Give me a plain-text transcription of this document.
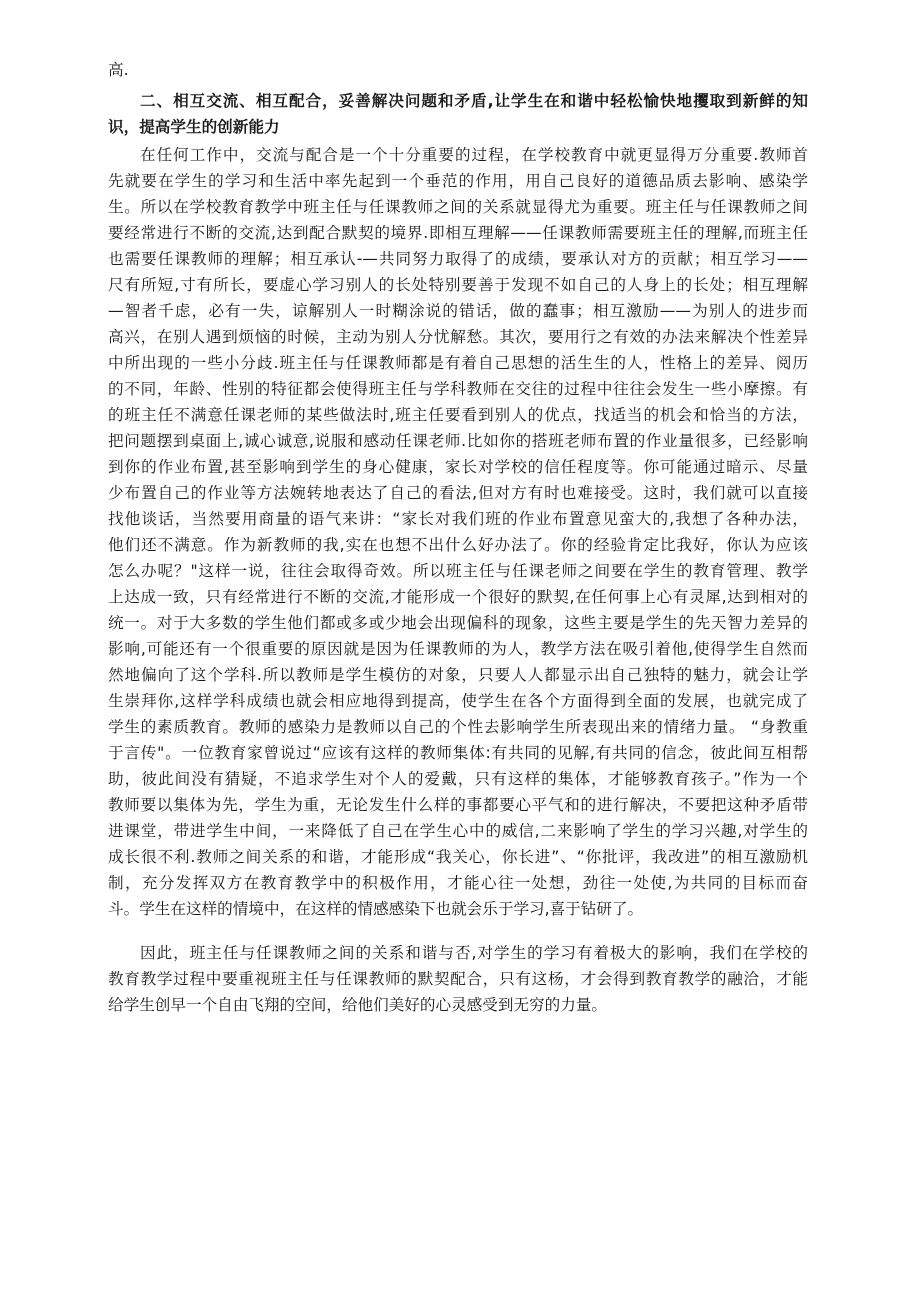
高.
二、相互交流、相互配合，妥善解决问题和矛盾,让学生在和谐中轻松愉快地攫取到新鲜的知
识，提高学生的创新能力
在任何工作中，交流与配合是一个十分重要的过程，在学校教育中就更显得万分重要.教师首
先就要在学生的学习和生活中率先起到一个垂范的作用，用自己良好的道德品质去影响、感染学
生。所以在学校教育教学中班主任与任课教师之间的关系就显得尤为重要。班主任与任课教师之间
要经常进行不断的交流,达到配合默契的境界.即相互理解——任课教师需要班主任的理解,而班主任
也需要任课教师的理解；相互承认-—共同努力取得了的成绩，要承认对方的贡献；相互学习——
尺有所短,寸有所长，要虚心学习别人的长处特别要善于发现不如自己的人身上的长处；相互理解
—智者千虑，必有一失，谅解别人一时糊涂说的错话，做的蠢事；相互激励——为别人的进步而
高兴，在别人遇到烦恼的时候，主动为别人分忧解愁。其次，要用行之有效的办法来解决个性差异
中所出现的一些小分歧.班主任与任课教师都是有着自己思想的活生生的人，性格上的差异、阅历
的不同，年龄、性别的特征都会使得班主任与学科教师在交往的过程中往往会发生一些小摩擦。有
的班主任不满意任课老师的某些做法时,班主任要看到别人的优点，找适当的机会和恰当的方法，
把问题摆到桌面上,诚心诚意,说服和感动任课老师.比如你的搭班老师布置的作业量很多，已经影响
到你的作业布置,甚至影响到学生的身心健康，家长对学校的信任程度等。你可能通过暗示、尽量
少布置自己的作业等方法婉转地表达了自己的看法,但对方有时也难接受。这时，我们就可以直接
找他谈话，当然要用商量的语气来讲：“家长对我们班的作业布置意见蛮大的,我想了各种办法，
他们还不满意。作为新教师的我,实在也想不出什么好办法了。你的经验肯定比我好，你认为应该
怎么办呢？"这样一说，往往会取得奇效。所以班主任与任课老师之间要在学生的教育管理、教学
上达成一致，只有经常进行不断的交流,才能形成一个很好的默契,在任何事上心有灵犀,达到相对的
统一。对于大多数的学生他们都或多或少地会出现偏科的现象，这些主要是学生的先天智力差异的
影响,可能还有一个很重要的原因就是因为任课教师的为人，教学方法在吸引着他,使得学生自然而
然地偏向了这个学科.所以教师是学生模仿的对象，只要人人都显示出自己独特的魅力，就会让学
生崇拜你,这样学科成绩也就会相应地得到提高，使学生在各个方面得到全面的发展，也就完成了
学生的素质教育。教师的感染力是教师以自己的个性去影响学生所表现出来的情绪力量。 “身教重
于言传"。一位教育家曾说过“应该有这样的教师集体:有共同的见解,有共同的信念，彼此间互相帮
助，彼此间没有猜疑，不追求学生对个人的爱戴，只有这样的集体，才能够教育孩子。”作为一个
教师要以集体为先，学生为重，无论发生什么样的事都要心平气和的进行解决，不要把这种矛盾带
进课堂，带进学生中间，一来降低了自己在学生心中的威信,二来影响了学生的学习兴趣,对学生的
成长很不利.教师之间关系的和谐，才能形成“我关心，你长进”、“你批评，我改进”的相互激励机
制，充分发挥双方在教育教学中的积极作用，才能心往一处想，劲往一处使,为共同的目标而奋
斗。学生在这样的情境中，在这样的情感感染下也就会乐于学习,喜于钻研了。
因此，班主任与任课教师之间的关系和谐与否,对学生的学习有着极大的影响，我们在学校的
教育教学过程中要重视班主任与任课教师的默契配合，只有这杨，才会得到教育教学的融洽，才能
给学生创早一个自由飞翔的空间，给他们美好的心灵感受到无穷的力量。
